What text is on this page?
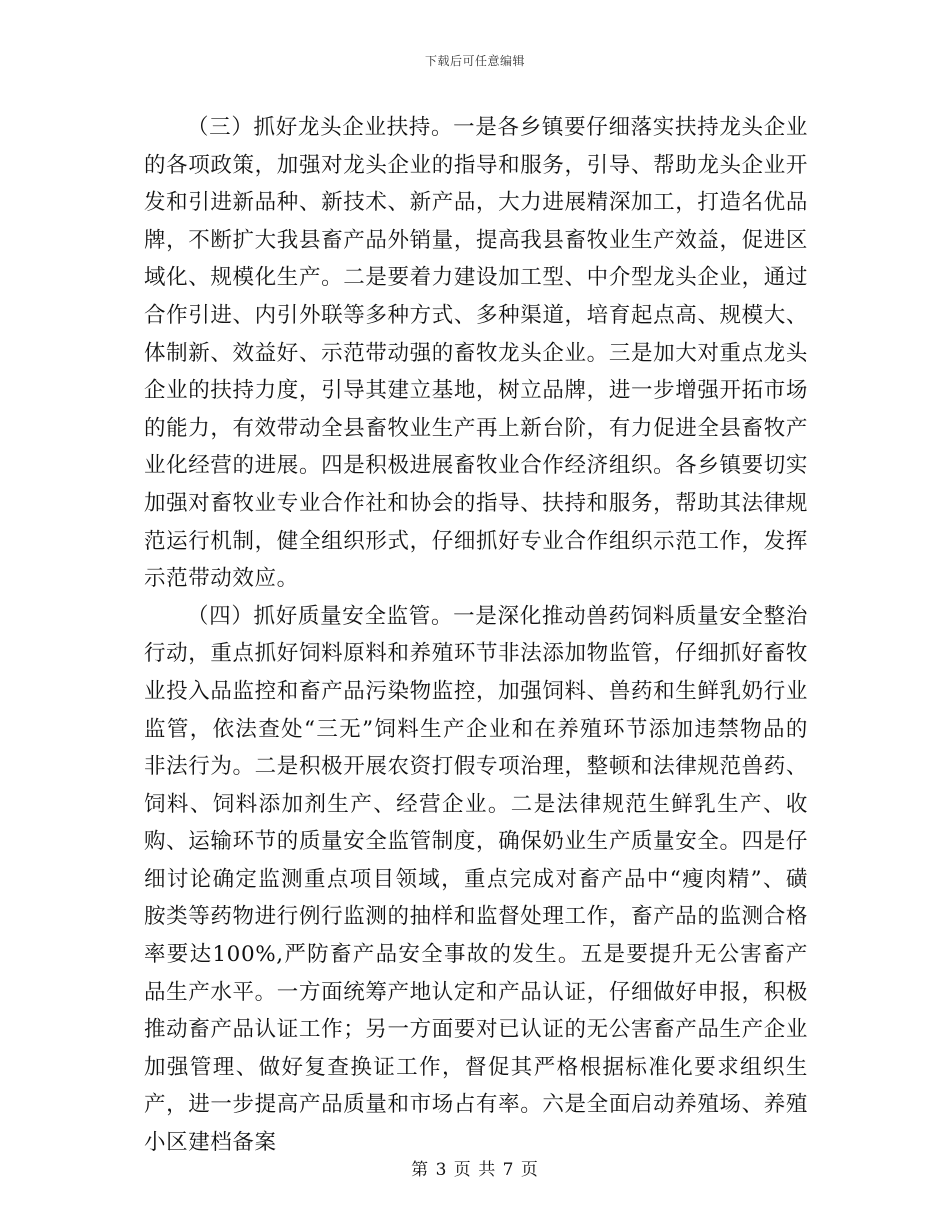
下载后可任意编辑

（三）抓好龙头企业扶持。一是各乡镇要仔细落实扶持龙头企业的各项政策，加强对龙头企业的指导和服务，引导、帮助龙头企业开发和引进新品种、新技术、新产品，大力进展精深加工，打造名优品牌，不断扩大我县畜产品外销量，提高我县畜牧业生产效益，促进区域化、规模化生产。二是要着力建设加工型、中介型龙头企业，通过合作引进、内引外联等多种方式、多种渠道，培育起点高、规模大、体制新、效益好、示范带动强的畜牧龙头企业。三是加大对重点龙头企业的扶持力度，引导其建立基地，树立品牌，进一步增强开拓市场的能力，有效带动全县畜牧业生产再上新台阶，有力促进全县畜牧产业化经营的进展。四是积极进展畜牧业合作经济组织。各乡镇要切实加强对畜牧业专业合作社和协会的指导、扶持和服务，帮助其法律规范运行机制，健全组织形式，仔细抓好专业合作组织示范工作，发挥示范带动效应。

（四）抓好质量安全监管。一是深化推动兽药饲料质量安全整治行动，重点抓好饲料原料和养殖环节非法添加物监管，仔细抓好畜牧业投入品监控和畜产品污染物监控，加强饲料、兽药和生鲜乳奶行业监管，依法查处“三无”饲料生产企业和在养殖环节添加违禁物品的非法行为。二是积极开展农资打假专项治理，整顿和法律规范兽药、饲料、饲料添加剂生产、经营企业。二是法律规范生鲜乳生产、收购、运输环节的质量安全监管制度，确保奶业生产质量安全。四是仔细讨论确定监测重点项目领域，重点完成对畜产品中“瘦肉精”、磺胺类等药物进行例行监测的抽样和监督处理工作，畜产品的监测合格率要达100%,严防畜产品安全事故的发生。五是要提升无公害畜产品生产水平。一方面统筹产地认定和产品认证，仔细做好申报，积极推动畜产品认证工作；另一方面要对已认证的无公害畜产品生产企业加强管理、做好复查换证工作，督促其严格根据标准化要求组织生产，进一步提高产品质量和市场占有率。六是全面启动养殖场、养殖小区建档备案

第 3 页 共 7 页
